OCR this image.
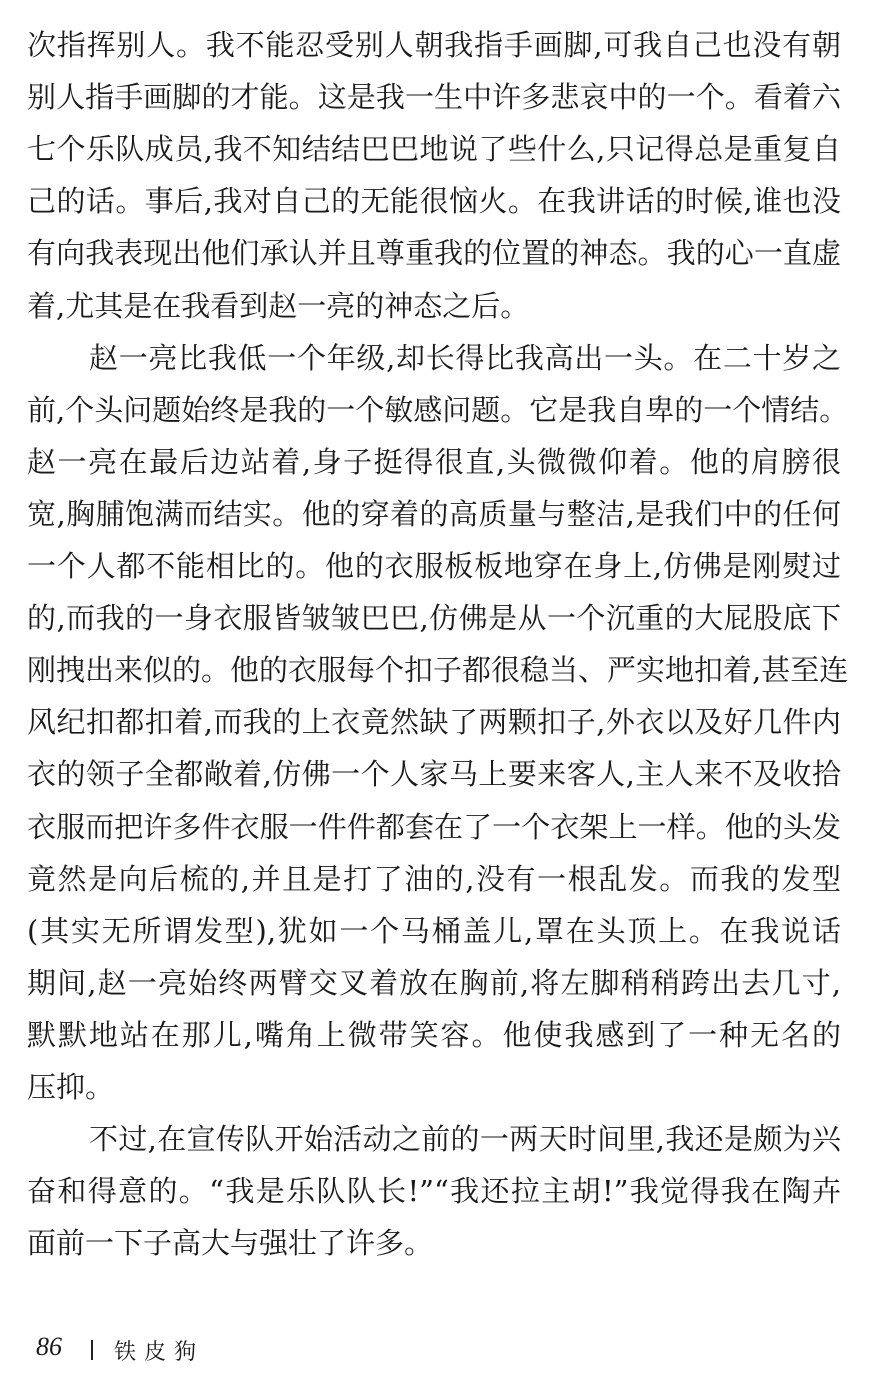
次指挥别人。我不能忍受别人朝我指手画脚,可我自己也没有朝
别人指手画脚的才能。这是我一生中许多悲哀中的一个。看着六
七个乐队成员,我不知结结巴巴地说了些什么,只记得总是重复自
己的话。事后,我对自己的无能很恼火。在我讲话的时候,谁也没
有向我表现出他们承认并且尊重我的位置的神态。我的心一直虚
着,尤其是在我看到赵一亮的神态之后。
赵一亮比我低一个年级,却长得比我高出一头。在二十岁之
前,个头问题始终是我的一个敏感问题。它是我自卑的一个情结。
赵一亮在最后边站着,身子挺得很直,头微微仰着。他的肩膀很
宽,胸脯饱满而结实。他的穿着的高质量与整洁,是我们中的任何
一个人都不能相比的。他的衣服板板地穿在身上,仿佛是刚熨过
的,而我的一身衣服皆皱皱巴巴,仿佛是从一个沉重的大屁股底下
刚拽出来似的。他的衣服每个扣子都很稳当、严实地扣着,甚至连
风纪扣都扣着,而我的上衣竟然缺了两颗扣子,外衣以及好几件内
衣的领子全都敞着,仿佛一个人家马上要来客人,主人来不及收拾
衣服而把许多件衣服一件件都套在了一个衣架上一样。他的头发
竟然是向后梳的,并且是打了油的,没有一根乱发。而我的发型
(其实无所谓发型),犹如一个马桶盖儿,罩在头顶上。在我说话
期间,赵一亮始终两臂交叉着放在胸前,将左脚稍稍跨出去几寸,
默默地站在那儿,嘴角上微带笑容。他使我感到了一种无名的
压抑。
不过,在宣传队开始活动之前的一两天时间里,我还是颇为兴
奋和得意的。“我是乐队队长!”“我还拉主胡!”我觉得我在陶卉
面前一下子高大与强壮了许多。
86 铁皮狗
